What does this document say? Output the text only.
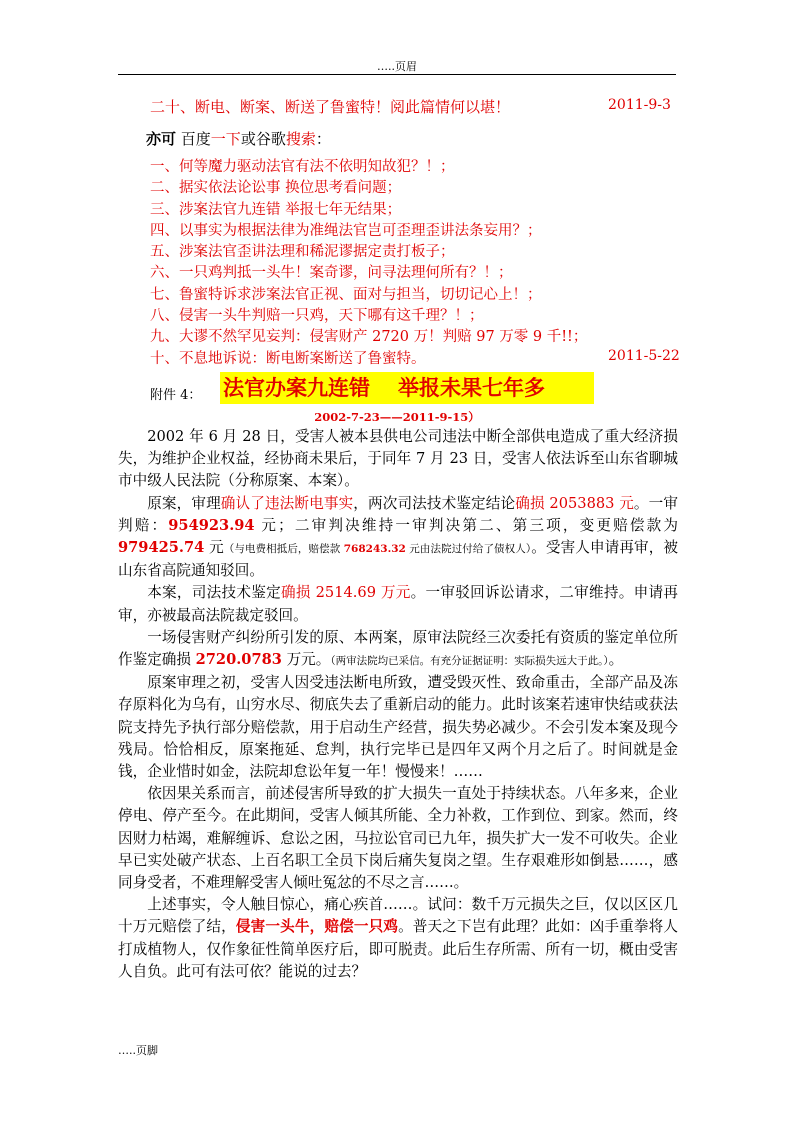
…..页眉
二十、断电、断案、断送了鲁蜜特！阅此篇情何以堪！	2011-9-3
亦可 百度一下或谷歌搜索：
一、何等魔力驱动法官有法不依明知故犯？！；
二、据实依法论讼事 换位思考看问题；
三、涉案法官九连错 举报七年无结果；
四、以事实为根据法律为准绳法官岂可歪理歪讲法条妄用？；
五、涉案法官歪讲法理和稀泥谬据定责打板子；
六、一只鸡判抵一头牛！案奇谬，问寻法理何所有？！；
七、鲁蜜特诉求涉案法官正视、面对与担当，切切记心上！；
八、侵害一头牛判赔一只鸡，天下哪有这千理？！；
九、大谬不然罕见妄判：侵害财产 2720 万！判赔 97 万零 9 千!!；
十、不息地诉说：断电断案断送了鲁蜜特。	2011-5-22
附件 4： 法官办案九连错 举报未果七年多
2002-7-23——2011-9-15）

2002 年 6 月 28 日，受害人被本县供电公司违法中断全部供电造成了重大经济损失，为维护企业权益，经协商未果后，于同年 7 月 23 日，受害人依法诉至山东省聊城市中级人民法院（分称原案、本案）。

原案，审理确认了违法断电事实，两次司法技术鉴定结论确损 2053883 元。一审判赔：954923.94 元；二审判决维持一审判决第二、第三项，变更赔偿款为 979425.74 元（与电费相抵后，赔偿款 768243.32 元由法院过付给了债权人）。受害人申请再审，被山东省高院通知驳回。

本案，司法技术鉴定确损 2514.69 万元。一审驳回诉讼请求，二审维持。申请再审，亦被最高法院裁定驳回。

一场侵害财产纠纷所引发的原、本两案，原审法院经三次委托有资质的鉴定单位所作鉴定确损 2720.0783 万元。（两审法院均已采信。有充分证据证明：实际损失远大于此。）。

原案审理之初，受害人因受违法断电所致，遭受毁灭性、致命重击，全部产品及冻存原料化为乌有，山穷水尽、彻底失去了重新启动的能力。此时该案若速审快结或获法院支持先予执行部分赔偿款，用于启动生产经营，损失势必减少。不会引发本案及现今残局。恰恰相反，原案拖延、怠判，执行完毕已是四年又两个月之后了。时间就是金钱，企业惜时如金，法院却怠讼年复一年！慢慢来！……

依因果关系而言，前述侵害所导致的扩大损失一直处于持续状态。八年多来，企业停电、停产至今。在此期间，受害人倾其所能、全力补救，工作到位、到家。然而，终因财力枯竭，难解缠诉、怠讼之困，马拉讼官司已九年，损失扩大一发不可收失。企业早已实处破产状态、上百名职工全员下岗后痛失复岗之望。生存艰难形如倒悬……，感同身受者，不难理解受害人倾吐冤忿的不尽之言……。

上述事实，令人触目惊心，痛心疾首……。试问：数千万元损失之巨，仅以区区几十万元赔偿了结，侵害一头牛，赔偿一只鸡。普天之下岂有此理？此如：凶手重拳将人打成植物人，仅作象征性简单医疗后，即可脱责。此后生存所需、所有一切，概由受害人自负。此可有法可依？能说的过去？

…..页脚
